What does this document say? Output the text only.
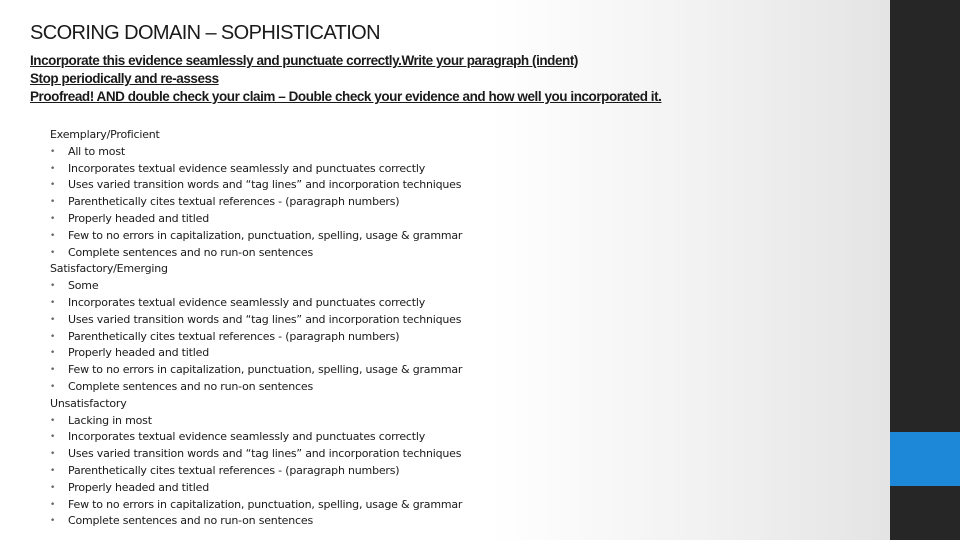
SCORING DOMAIN – SOPHISTICATION
Incorporate this evidence seamlessly and punctuate correctly.Write your paragraph (indent)
Stop periodically and re-assess
Proofread! AND double check your claim – Double check your evidence and how well you incorporated it.
Exemplary/Proficient
• All to most
• Incorporates textual evidence seamlessly and punctuates correctly
• Uses varied transition words and “tag lines” and incorporation techniques
• Parenthetically cites textual references - (paragraph numbers)
• Properly headed and titled
• Few to no errors in capitalization, punctuation, spelling, usage & grammar
• Complete sentences and no run-on sentences
Satisfactory/Emerging
• Some
• Incorporates textual evidence seamlessly and punctuates correctly
• Uses varied transition words and “tag lines” and incorporation techniques
• Parenthetically cites textual references - (paragraph numbers)
• Properly headed and titled
• Few to no errors in capitalization, punctuation, spelling, usage & grammar
• Complete sentences and no run-on sentences
Unsatisfactory
• Lacking in most
• Incorporates textual evidence seamlessly and punctuates correctly
• Uses varied transition words and “tag lines” and incorporation techniques
• Parenthetically cites textual references - (paragraph numbers)
• Properly headed and titled
• Few to no errors in capitalization, punctuation, spelling, usage & grammar
• Complete sentences and no run-on sentences
